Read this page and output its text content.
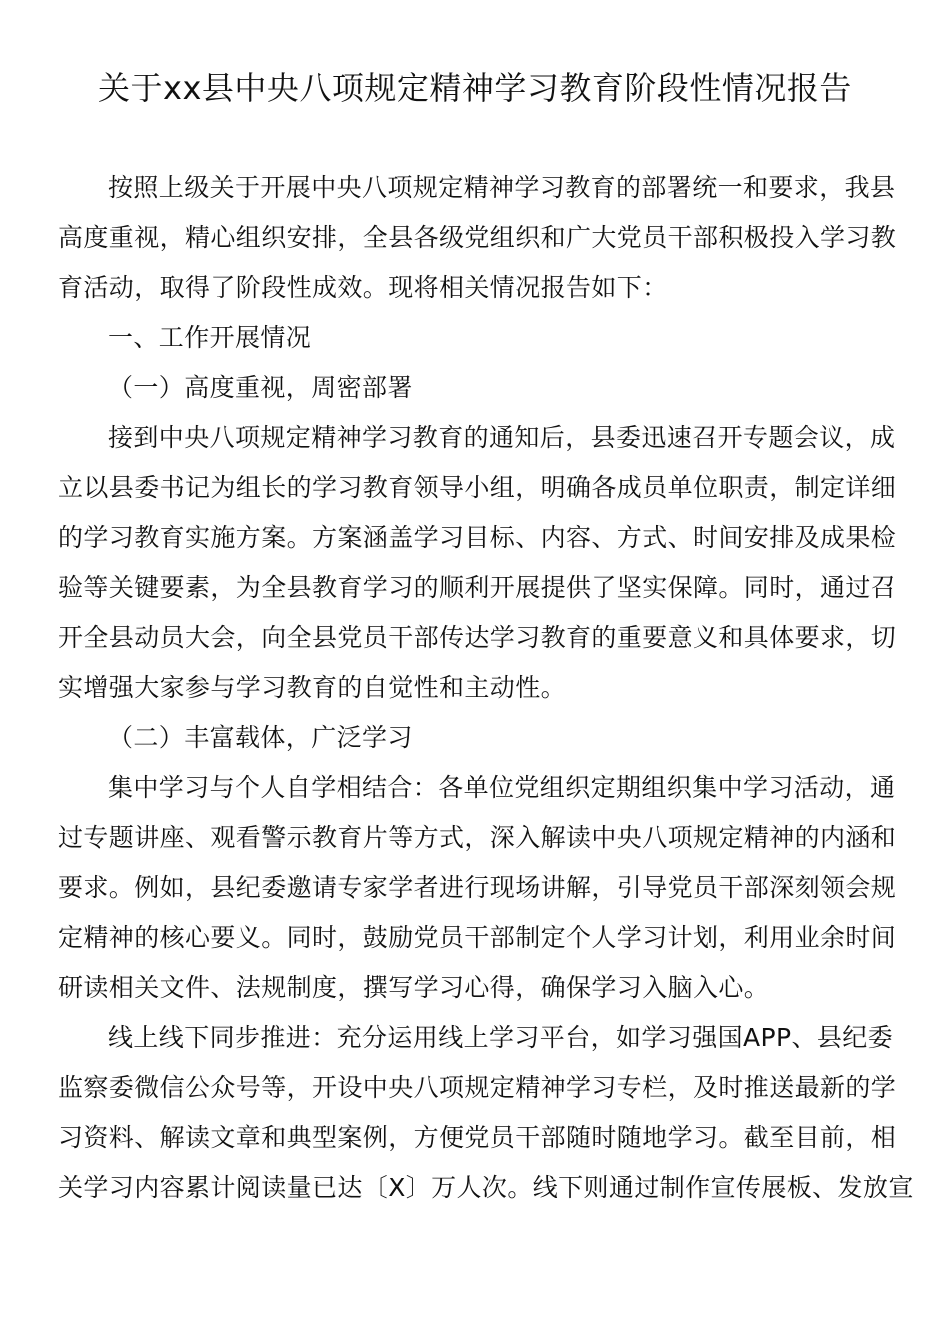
关于xx县中央八项规定精神学习教育阶段性情况报告
按照上级关于开展中央八项规定精神学习教育的部署统一和要求，我县
高度重视，精心组织安排，全县各级党组织和广大党员干部积极投入学习教
育活动，取得了阶段性成效。现将相关情况报告如下：
一、工作开展情况
（一）高度重视，周密部署
接到中央八项规定精神学习教育的通知后，县委迅速召开专题会议，成
立以县委书记为组长的学习教育领导小组，明确各成员单位职责，制定详细
的学习教育实施方案。方案涵盖学习目标、内容、方式、时间安排及成果检
验等关键要素，为全县教育学习的顺利开展提供了坚实保障。同时，通过召
开全县动员大会，向全县党员干部传达学习教育的重要意义和具体要求，切
实增强大家参与学习教育的自觉性和主动性。
（二）丰富载体，广泛学习
集中学习与个人自学相结合：各单位党组织定期组织集中学习活动，通
过专题讲座、观看警示教育片等方式，深入解读中央八项规定精神的内涵和
要求。例如，县纪委邀请专家学者进行现场讲解，引导党员干部深刻领会规
定精神的核心要义。同时，鼓励党员干部制定个人学习计划，利用业余时间
研读相关文件、法规制度，撰写学习心得，确保学习入脑入心。
线上线下同步推进：充分运用线上学习平台，如学习强国APP、县纪委
监察委微信公众号等，开设中央八项规定精神学习专栏，及时推送最新的学
习资料、解读文章和典型案例，方便党员干部随时随地学习。截至目前，相
关学习内容累计阅读量已达〔X〕万人次。线下则通过制作宣传展板、发放宣
